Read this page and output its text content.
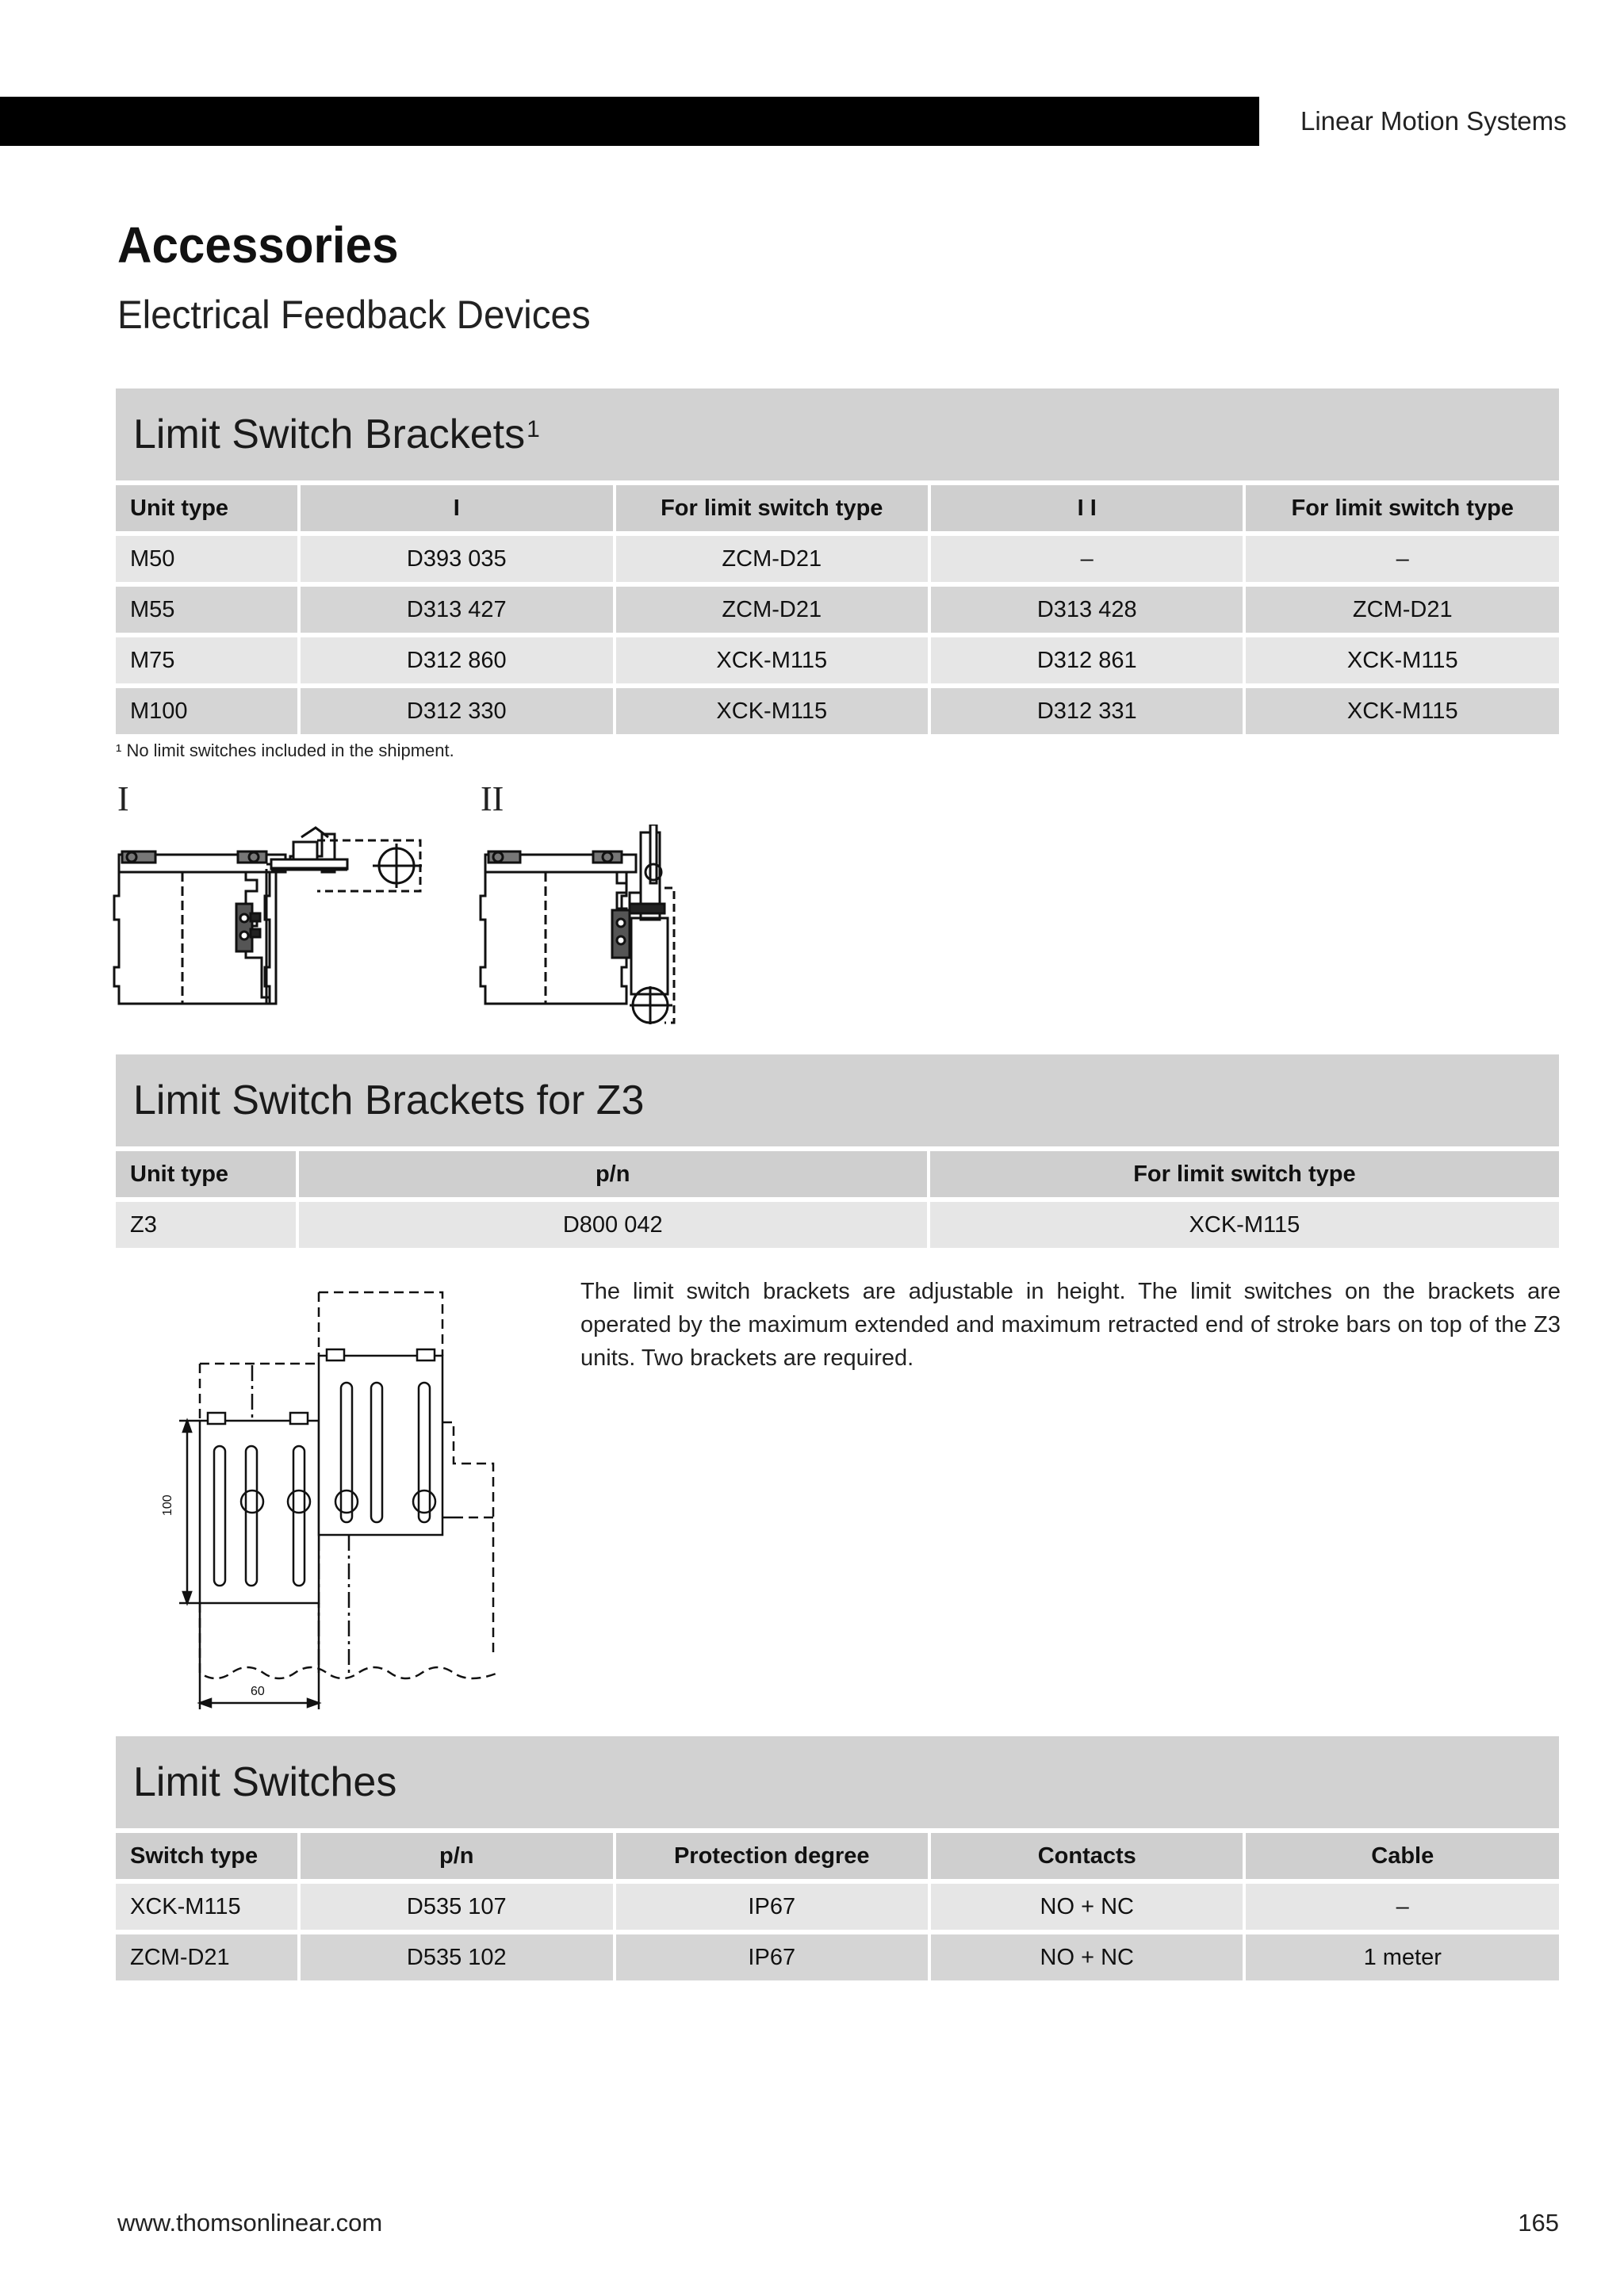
Linear Motion Systems
Accessories
Electrical Feedback Devices
Limit Switch Brackets$^1$
Unit type	I	For limit switch type	I I	For limit switch type
M50	D393 035	ZCM-D21	–	–
M55	D313 427	ZCM-D21	D313 428	ZCM-D21
M75	D312 860	XCK-M115	D312 861	XCK-M115
M100	D312 330	XCK-M115	D312 331	XCK-M115
¹ No limit switches included in the shipment.
I	II
Limit Switch Brackets for Z3
Unit type	p/n	For limit switch type
Z3	D800 042	XCK-M115
100
60
The limit switch brackets are adjustable in height. The limit switches on the brackets are operated by the maximum extended and maximum retracted end of stroke bars on top of the Z3 units. Two brackets are required.
Limit Switches
Switch type	p/n	Protection degree	Contacts	Cable
XCK-M115	D535 107	IP67	NO + NC	–
ZCM-D21	D535 102	IP67	NO + NC	1 meter
www.thomsonlinear.com	165
